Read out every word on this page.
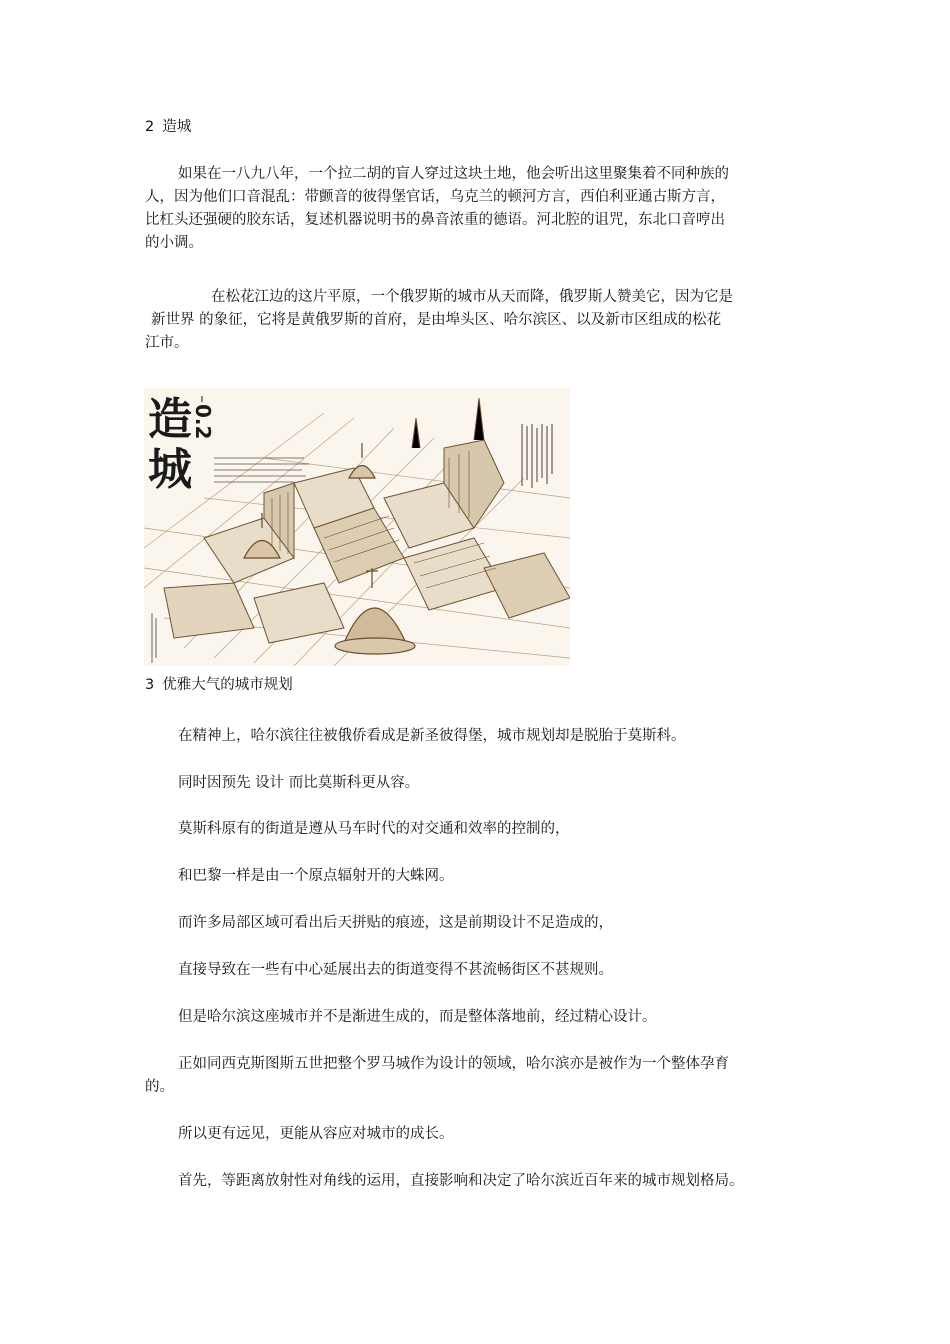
2 造城

如果在一八九八年，一个拉二胡的盲人穿过这块土地，他会听出这里聚集着不同种族的
人，因为他们口音混乱：带颤音的彼得堡官话，乌克兰的顿河方言，西伯利亚通古斯方言，
比杠头还强硬的胶东话，复述机器说明书的鼻音浓重的德语。河北腔的诅咒，东北口音哼出
的小调。
在松花江边的这片平原，一个俄罗斯的城市从天而降，俄罗斯人赞美它，因为它是
新世界 的象征，它将是黄俄罗斯的首府，是由埠头区、哈尔滨区、以及新市区组成的松花
江市。
造
城
0.2

3 优雅大气的城市规划

在精神上，哈尔滨往往被俄侨看成是新圣彼得堡，城市规划却是脱胎于莫斯科。

同时因预先 设计 而比莫斯科更从容。

莫斯科原有的街道是遵从马车时代的对交通和效率的控制的，

和巴黎一样是由一个原点辐射开的大蛛网。

而许多局部区域可看出后天拼贴的痕迹，这是前期设计不足造成的，

直接导致在一些有中心延展出去的街道变得不甚流畅街区不甚规则。

但是哈尔滨这座城市并不是渐进生成的，而是整体落地前，经过精心设计。

正如同西克斯图斯五世把整个罗马城作为设计的领域，哈尔滨亦是被作为一个整体孕育

的。

所以更有远见，更能从容应对城市的成长。

首先，等距离放射性对角线的运用，直接影响和决定了哈尔滨近百年来的城市规划格局。
